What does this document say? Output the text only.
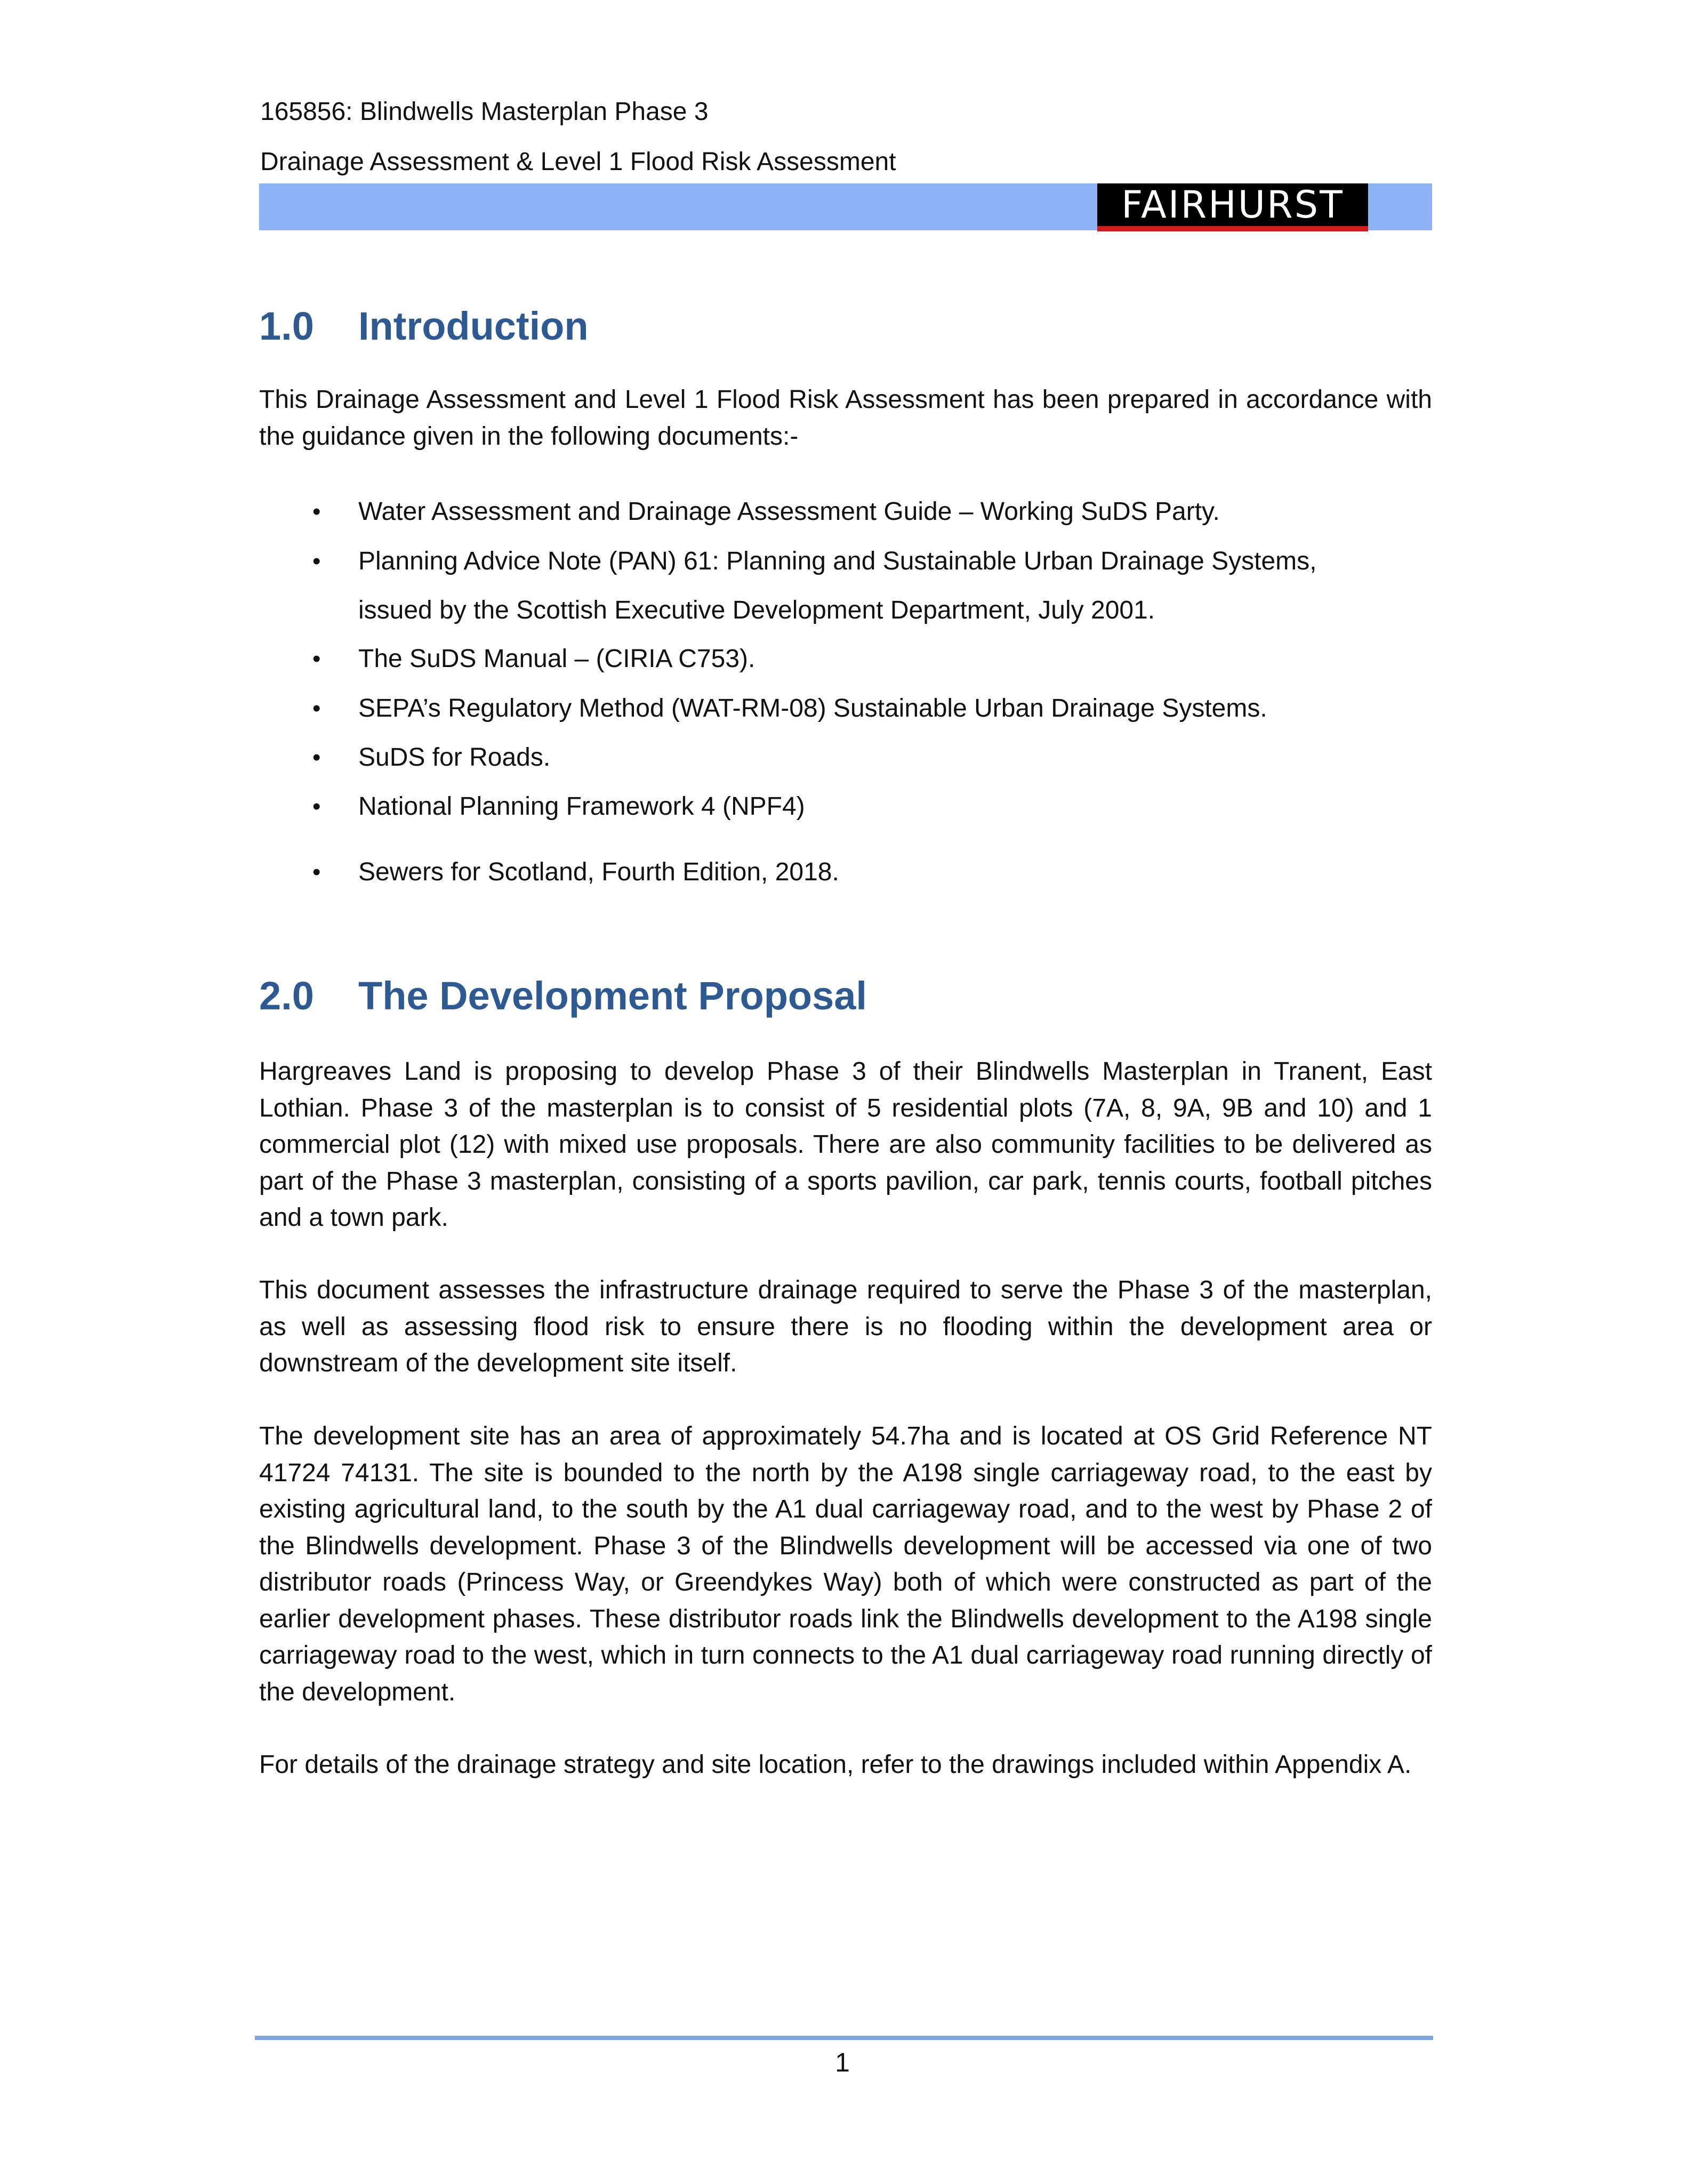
165856: Blindwells Masterplan Phase 3
Drainage Assessment & Level 1 Flood Risk Assessment
FAIRHURST
1.0 Introduction
This Drainage Assessment and Level 1 Flood Risk Assessment has been prepared in accordance with the guidance given in the following documents:-
• Water Assessment and Drainage Assessment Guide – Working SuDS Party.
• Planning Advice Note (PAN) 61: Planning and Sustainable Urban Drainage Systems,
issued by the Scottish Executive Development Department, July 2001.
• The SuDS Manual – (CIRIA C753).
• SEPA’s Regulatory Method (WAT-RM-08) Sustainable Urban Drainage Systems.
• SuDS for Roads.
• National Planning Framework 4 (NPF4)
• Sewers for Scotland, Fourth Edition, 2018.
2.0 The Development Proposal
Hargreaves Land is proposing to develop Phase 3 of their Blindwells Masterplan in Tranent, East Lothian. Phase 3 of the masterplan is to consist of 5 residential plots (7A, 8, 9A, 9B and 10) and 1 commercial plot (12) with mixed use proposals. There are also community facilities to be delivered as part of the Phase 3 masterplan, consisting of a sports pavilion, car park, tennis courts, football pitches and a town park.
This document assesses the infrastructure drainage required to serve the Phase 3 of the masterplan, as well as assessing flood risk to ensure there is no flooding within the development area or downstream of the development site itself.
The development site has an area of approximately 54.7ha and is located at OS Grid Reference NT 41724 74131. The site is bounded to the north by the A198 single carriageway road, to the east by existing agricultural land, to the south by the A1 dual carriageway road, and to the west by Phase 2 of the Blindwells development. Phase 3 of the Blindwells development will be accessed via one of two distributor roads (Princess Way, or Greendykes Way) both of which were constructed as part of the earlier development phases. These distributor roads link the Blindwells development to the A198 single carriageway road to the west, which in turn connects to the A1 dual carriageway road running directly of the development.
For details of the drainage strategy and site location, refer to the drawings included within Appendix A.
1
